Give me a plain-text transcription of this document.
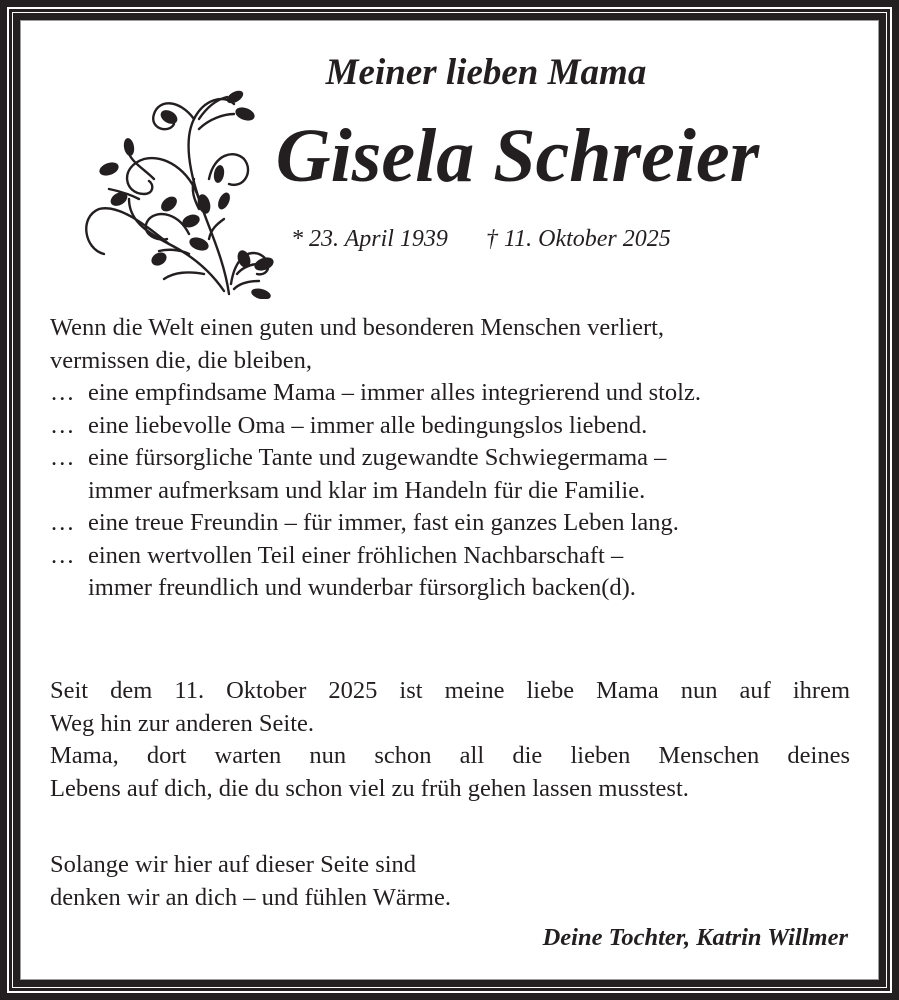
Meiner lieben Mama
Gisela Schreier
* 23. April 1939 † 11. Oktober 2025
Wenn die Welt einen guten und besonderen Menschen verliert,
vermissen die, die bleiben,
… eine empfindsame Mama – immer alles integrierend und stolz.
… eine liebevolle Oma – immer alle bedingungslos liebend.
… eine fürsorgliche Tante und zugewandte Schwiegermama –
immer aufmerksam und klar im Handeln für die Familie.
… eine treue Freundin – für immer, fast ein ganzes Leben lang.
… einen wertvollen Teil einer fröhlichen Nachbarschaft –
immer freundlich und wunderbar fürsorglich backen(d).
Seit dem 11. Oktober 2025 ist meine liebe Mama nun auf ihrem
Weg hin zur anderen Seite.
Mama, dort warten nun schon all die lieben Menschen deines
Lebens auf dich, die du schon viel zu früh gehen lassen musstest.
Solange wir hier auf dieser Seite sind
denken wir an dich – und fühlen Wärme.
Deine Tochter, Katrin Willmer
